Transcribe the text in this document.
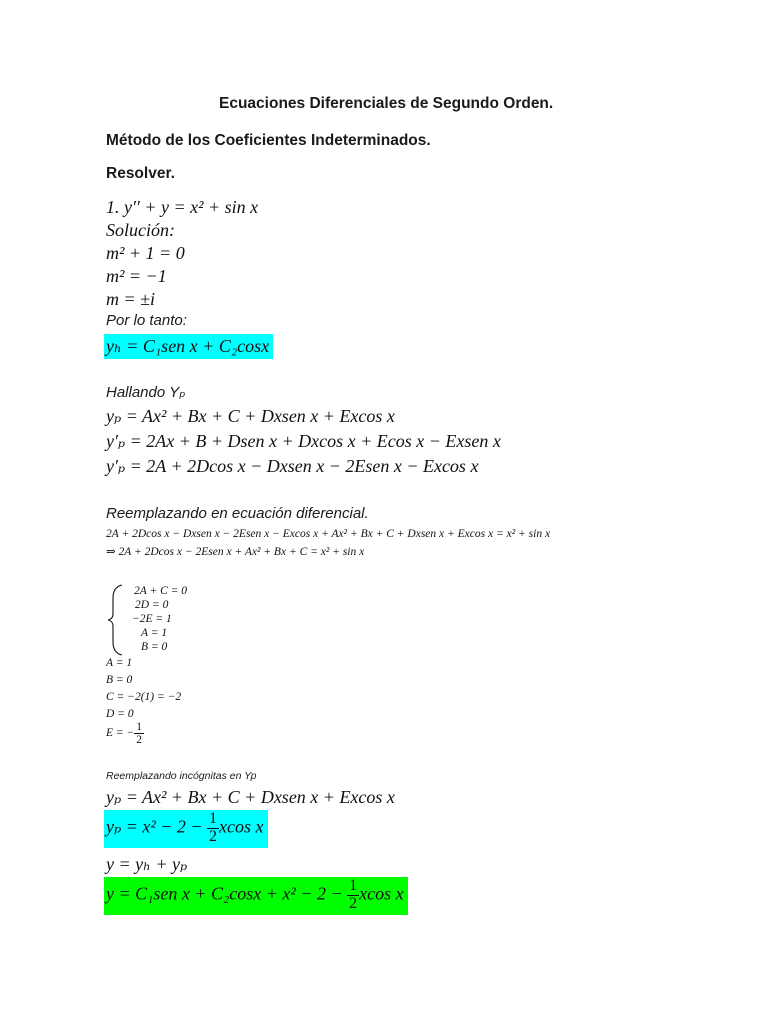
Ecuaciones Diferenciales de Segundo Orden.
Método de los Coeficientes Indeterminados.
Resolver.
1. y′′ + y = x² + sin x
Solución:
m² + 1 = 0
m² = −1
m = ±i
Por lo tanto:
yₕ = C₁sen x + C₂cosx
Hallando Yₚ
yₚ = Ax² + Bx + C + Dxsen x + Excos x
y′ₚ = 2Ax + B + Dsen x + Dxcos x + Ecos x − Exsen x
y′ₚ = 2A + 2Dcos x − Dxsen x − 2Esen x − Excos x
Reemplazando en ecuación diferencial.
2A + 2Dcos x − Dxsen x − 2Esen x − Excos x + Ax² + Bx + C + Dxsen x + Excos x = x² + sin x
⇒ 2A + 2Dcos x − 2Esen x + Ax² + Bx + C = x² + sin x
2A + C = 0
2D = 0
−2E = 1
A = 1
B = 0
A = 1
B = 0
C = −2(1) = −2
D = 0
E = − $\frac{1}{2}$
Reemplazando incógnitas en Yp
yₚ = Ax² + Bx + C + Dxsen x + Excos x
$y_p = x^2 - 2 - \frac{1}{2}$ xcos x
y = yₕ + yₚ
y = C₁sen $x + C_2\cos x + x^2 - 2 - \frac{1}{2}$ xcos x
